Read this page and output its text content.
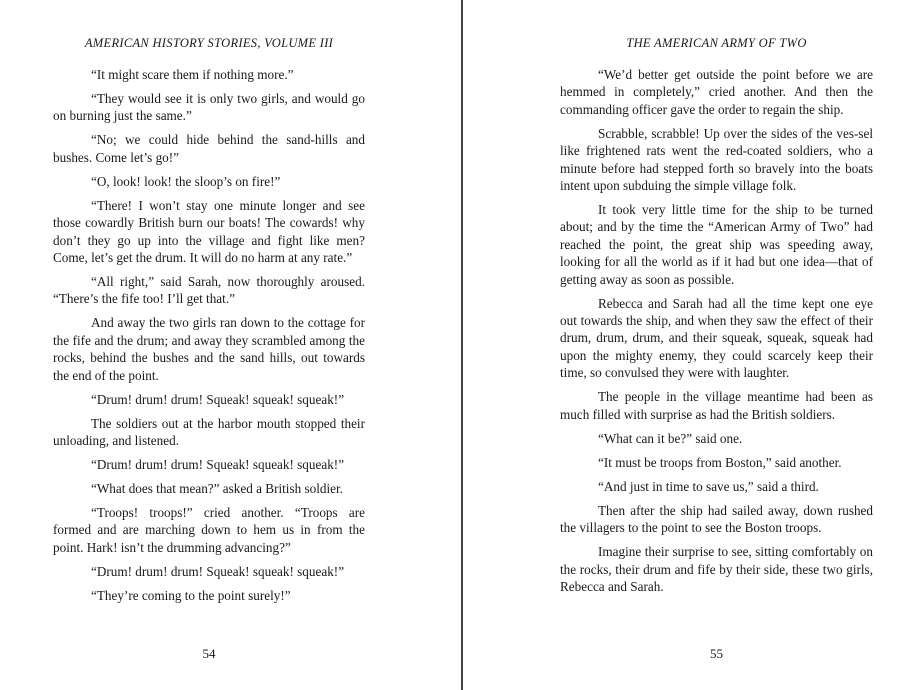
AMERICAN HISTORY STORIES, VOLUME III

“It might scare them if nothing more.”

“They would see it is only two girls, and would go on burning just the same.”

“No; we could hide behind the sand-hills and bushes. Come let’s go!”

“O, look! look! the sloop’s on fire!”

“There! I won’t stay one minute longer and see those cowardly British burn our boats! The cowards! why don’t they go up into the village and fight like men? Come, let’s get the drum. It will do no harm at any rate.”

“All right,” said Sarah, now thoroughly aroused. “There’s the fife too! I’ll get that.”

And away the two girls ran down to the cottage for the fife and the drum; and away they scrambled among the rocks, behind the bushes and the sand hills, out towards the end of the point.

“Drum! drum! drum! Squeak! squeak! squeak!”

The soldiers out at the harbor mouth stopped their unloading, and listened.

“Drum! drum! drum! Squeak! squeak! squeak!”

“What does that mean?” asked a British soldier.

“Troops! troops!” cried another. “Troops are formed and are marching down to hem us in from the point. Hark! isn’t the drumming advancing?”

“Drum! drum! drum! Squeak! squeak! squeak!”

“They’re coming to the point surely!”

54
THE AMERICAN ARMY OF TWO

“We’d better get outside the point before we are hemmed in completely,” cried another. And then the commanding officer gave the order to regain the ship.

Scrabble, scrabble! Up over the sides of the ves-sel like frightened rats went the red-coated soldiers, who a minute before had stepped forth so bravely into the boats intent upon subduing the simple village folk.

It took very little time for the ship to be turned about; and by the time the “American Army of Two” had reached the point, the great ship was speeding away, looking for all the world as if it had but one idea—that of getting away as soon as possible.

Rebecca and Sarah had all the time kept one eye out towards the ship, and when they saw the effect of their drum, drum, drum, and their squeak, squeak, squeak had upon the mighty enemy, they could scarcely keep their time, so convulsed they were with laughter.

The people in the village meantime had been as much filled with surprise as had the British soldiers.

“What can it be?” said one.

“It must be troops from Boston,” said another.

“And just in time to save us,” said a third.

Then after the ship had sailed away, down rushed the villagers to the point to see the Boston troops.

Imagine their surprise to see, sitting comfortably on the rocks, their drum and fife by their side, these two girls, Rebecca and Sarah.

55
